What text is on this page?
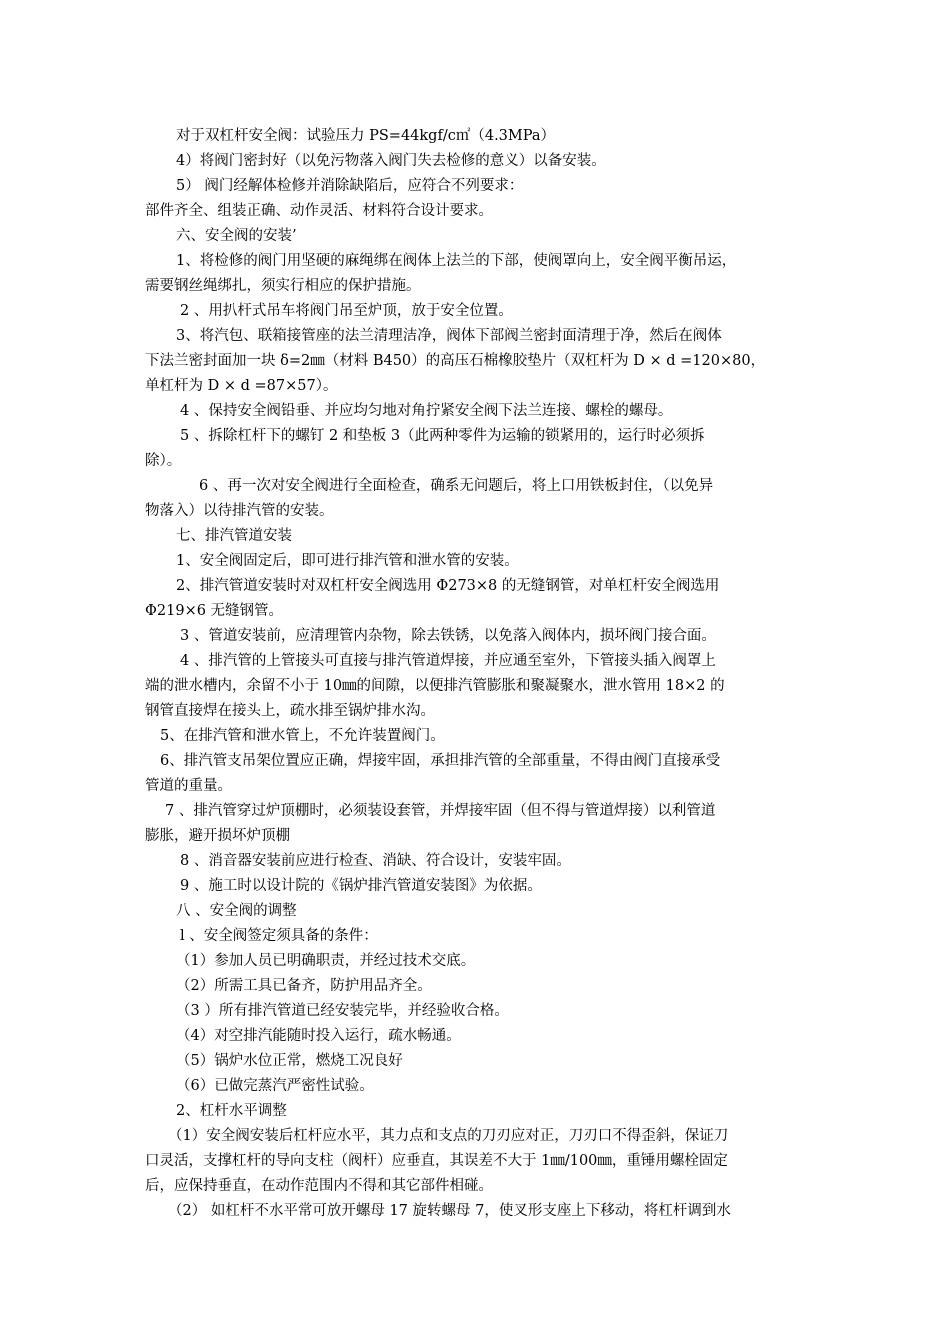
对于双杠杆安全阀：试验压力 PS=44kgf/c㎡（4.3MPa）
4）将阀门密封好（以免污物落入阀门失去检修的意义）以备安装。
5） 阀门经解体检修并消除缺陷后，应符合不列要求：
部件齐全、组装正确、动作灵活、材料符合设计要求。
六、安全阀的安装’
1、将检修的阀门用坚硬的麻绳绑在阀体上法兰的下部，使阀罩向上，安全阀平衡吊运，
需要钢丝绳绑扎，须实行相应的保护措施。
2 、用扒杆式吊车将阀门吊至炉顶，放于安全位置。
3、将汽包、联箱接管座的法兰清理洁净，阀体下部阀兰密封面清理于净，然后在阀体
下法兰密封面加一块 δ=2㎜（材料 B450）的高压石棉橡胶垫片（双杠杆为 D × d =120×80，
单杠杆为 D × d =87×57）。
4 、保持安全阀铅垂、并应均匀地对角拧紧安全阀下法兰连接、螺栓的螺母。
5 、拆除杠杆下的螺钉 2 和垫板 3（此两种零件为运输的锁紧用的，运行时必须拆
除）。
6 、再一次对安全阀进行全面检查，确系无问题后，将上口用铁板封住，（以免异
物落入）以待排汽管的安装。
七、排汽管道安装
1、安全阀固定后，即可进行排汽管和泄水管的安装。
2、排汽管道安装时对双杠杆安全阀选用 Φ273×8 的无缝钢管，对单杠杆安全阀选用
Φ219×6 无缝钢管。
3 、管道安装前，应清理管内杂物，除去铁锈，以免落入阀体内，损坏阀门接合面。
4 、排汽管的上管接头可直接与排汽管道焊接，并应通至室外，下管接头插入阀罩上
端的泄水槽内，余留不小于 10㎜的间隙，以便排汽管膨胀和聚凝聚水，泄水管用 18×2 的
钢管直接焊在接头上，疏水排至锅炉排水沟。
5、在排汽管和泄水管上，不允许装置阀门。
6、排汽管支吊架位置应正确，焊接牢固，承担排汽管的全部重量，不得由阀门直接承受
管道的重量。
7 、排汽管穿过炉顶棚时，必须装设套管，并焊接牢固（但不得与管道焊接）以利管道
膨胀，避开损坏炉顶棚
8 、消音器安装前应进行检查、消缺、符合设计，安装牢固。
9 、施工时以设计院的《锅炉排汽管道安装图》为依据。
八 、安全阀的调整
l 、安全阀签定须具备的条件：
（1）参加人员已明确职责，并经过技术交底。
（2）所需工具已备齐，防护用品齐全。
（3 ）所有排汽管道已经安装完毕，并经验收合格。
（4）对空排汽能随时投入运行，疏水畅通。
（5）锅炉水位正常，燃烧工况良好
（6）已做完蒸汽严密性试验。
2、杠杆水平调整
（1）安全阀安装后杠杆应水平，其力点和支点的刀刃应对正，刀刃口不得歪斜，保证刀
口灵活，支撑杠杆的导向支柱（阀杆）应垂直，其误差不大于 1㎜/100㎜，重锤用螺栓固定
后，应保持垂直，在动作范围内不得和其它部件相碰。
（2） 如杠杆不水平常可放开螺母 17 旋转螺母 7，使叉形支座上下移动，将杠杆调到水
